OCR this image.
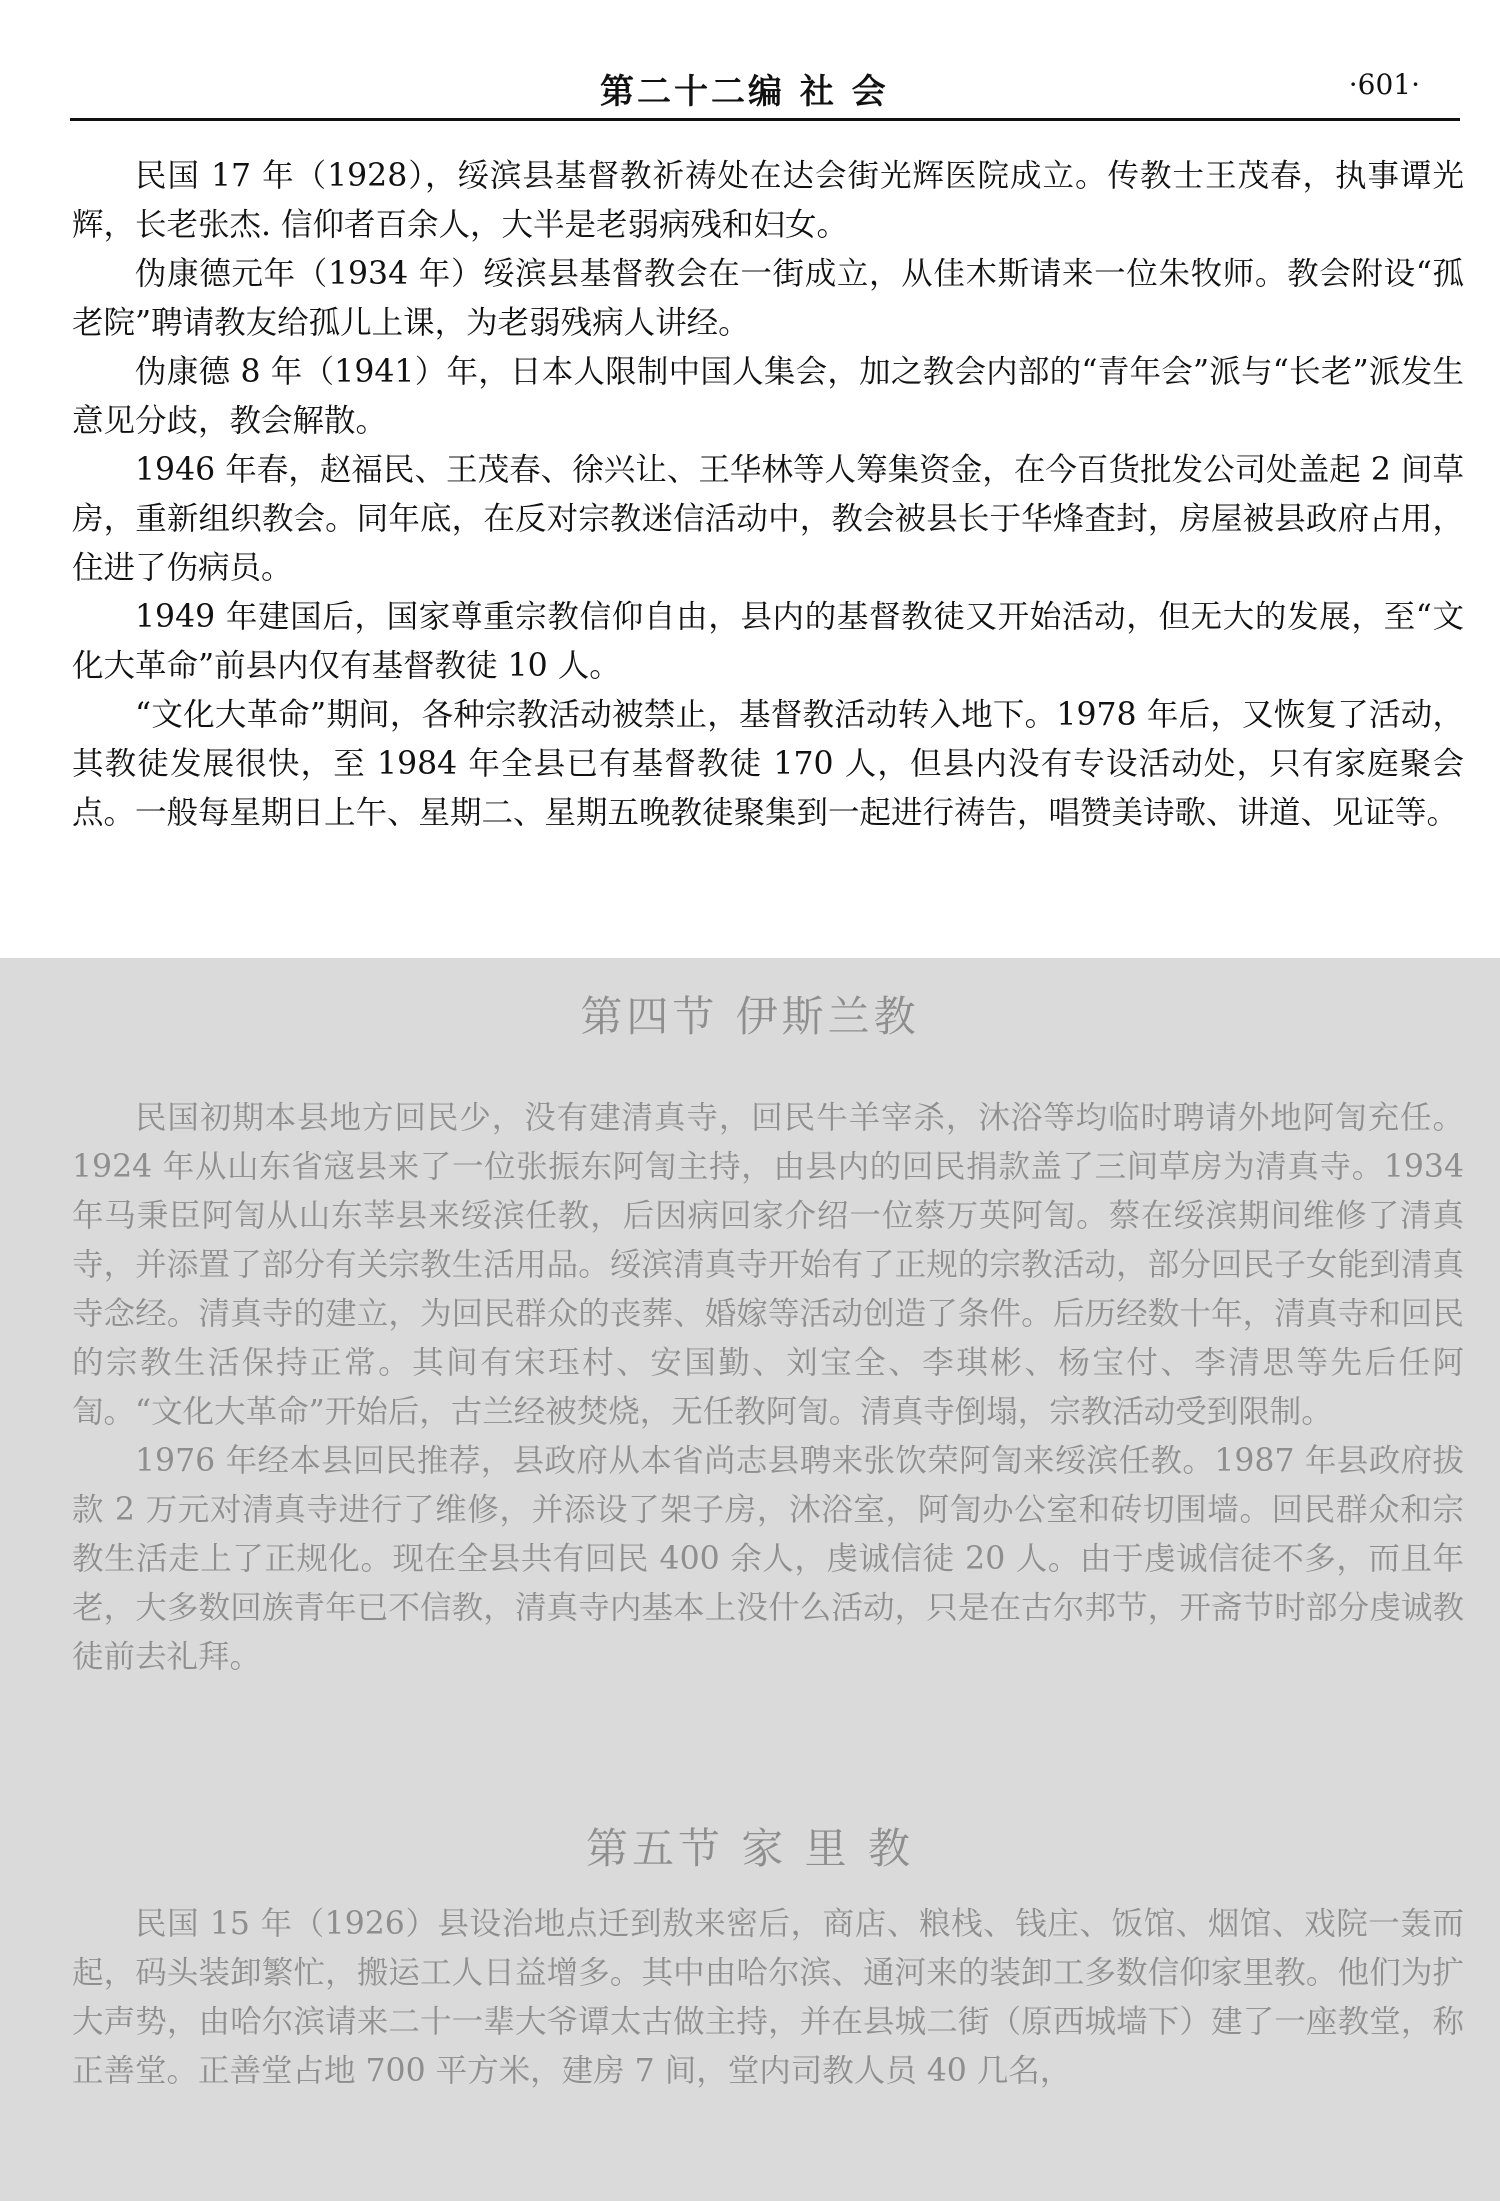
第二十二编 社 会	·601·

民国 17 年（1928），绥滨县基督教祈祷处在达会街光辉医院成立。传教士王茂春，执事谭光辉，长老张杰. 信仰者百余人，大半是老弱病残和妇女。

伪康德元年（1934 年）绥滨县基督教会在一街成立，从佳木斯请来一位朱牧师。教会附设“孤老院”聘请教友给孤儿上课，为老弱残病人讲经。

伪康德 8 年（1941）年，日本人限制中国人集会，加之教会内部的“青年会”派与“长老”派发生意见分歧，教会解散。

1946 年春，赵福民、王茂春、徐兴让、王华林等人筹集资金，在今百货批发公司处盖起 2 间草房，重新组织教会。同年底，在反对宗教迷信活动中，教会被县长于华烽査封，房屋被县政府占用，住进了伤病员。

1949 年建国后，国家尊重宗教信仰自由，县内的基督教徒又开始活动，但无大的发展，至“文化大革命”前县内仅有基督教徒 10 人。

“文化大革命”期间，各种宗教活动被禁止，基督教活动转入地下。1978 年后，又恢复了活动，其教徒发展很快，至 1984 年全县已有基督教徒 170 人，但县内没有专设活动处，只有家庭聚会点。一般每星期日上午、星期二、星期五晚教徒聚集到一起进行祷告，唱赞美诗歌、讲道、见证等。

第四节 伊斯兰教

民国初期本县地方回民少，没有建清真寺，回民牛羊宰杀，沐浴等均临时聘请外地阿訇充任。1924 年从山东省寇县来了一位张振东阿訇主持，由县内的回民捐款盖了三间草房为清真寺。1934 年马秉臣阿訇从山东莘县来绥滨任教，后因病回家介绍一位蔡万英阿訇。蔡在绥滨期间维修了清真寺，并添置了部分有关宗教生活用品。绥滨清真寺开始有了正规的宗教活动，部分回民子女能到清真寺念经。清真寺的建立，为回民群众的丧葬、婚嫁等活动创造了条件。后历经数十年，清真寺和回民的宗教生活保持正常。其间有宋珏村、安国勤、刘宝全、李琪彬、杨宝付、李清思等先后任阿訇。“文化大革命”开始后，古兰经被焚烧，无任教阿訇。清真寺倒塌，宗教活动受到限制。

1976 年经本县回民推荐，县政府从本省尚志县聘来张饮荣阿訇来绥滨任教。1987 年县政府拔款 2 万元对清真寺进行了维修，并添设了架子房，沐浴室，阿訇办公室和砖切围墙。回民群众和宗教生活走上了正规化。现在全县共有回民 400 余人，虔诚信徒 20 人。由于虔诚信徒不多，而且年老，大多数回族青年已不信教，清真寺内基本上没什么活动，只是在古尔邦节，开斋节时部分虔诚教徒前去礼拜。

第五节 家 里 教

民国 15 年（1926）县设治地点迁到敖来密后，商店、粮栈、钱庄、饭馆、烟馆、戏院一轰而起，码头装卸繁忙，搬运工人日益增多。其中由哈尔滨、通河来的装卸工多数信仰家里教。他们为扩大声势，由哈尔滨请来二十一辈大爷谭太古做主持，并在县城二街（原西城墙下）建了一座教堂，称正善堂。正善堂占地 700 平方米，建房 7 间，堂内司教人员 40 几名，
